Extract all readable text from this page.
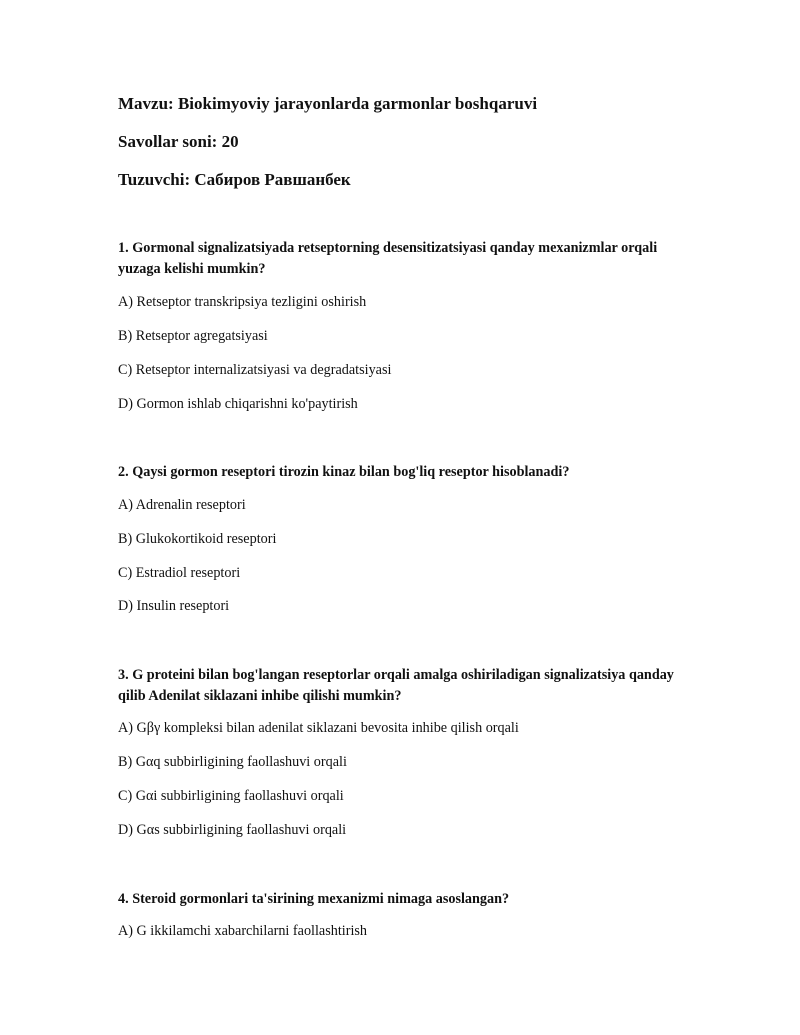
Mavzu: Biokimyoviy jarayonlarda garmonlar boshqaruvi

Savollar soni: 20

Tuzuvchi: Сабиров Равшанбек

1. Gormonal signalizatsiyada retseptorning desensitizatsiyasi qanday mexanizmlar orqali yuzaga kelishi mumkin?

A) Retseptor transkripsiya tezligini oshirish

B) Retseptor agregatsiyasi

C) Retseptor internalizatsiyasi va degradatsiyasi

D) Gormon ishlab chiqarishni ko'paytirish

2. Qaysi gormon reseptori tirozin kinaz bilan bog'liq reseptor hisoblanadi?

A) Adrenalin reseptori

B) Glukokortikoid reseptori

C) Estradiol reseptori

D) Insulin reseptori

3. G proteini bilan bog'langan reseptorlar orqali amalga oshiriladigan signalizatsiya qanday qilib Adenilat siklazani inhibe qilishi mumkin?

A) Gβγ kompleksi bilan adenilat siklazani bevosita inhibe qilish orqali

B) Gαq subbirligining faollashuvi orqali

C) Gαi subbirligining faollashuvi orqali

D) Gαs subbirligining faollashuvi orqali

4. Steroid gormonlari ta'sirining mexanizmi nimaga asoslangan?

A) G ikkilamchi xabarchilarni faollashtirish
